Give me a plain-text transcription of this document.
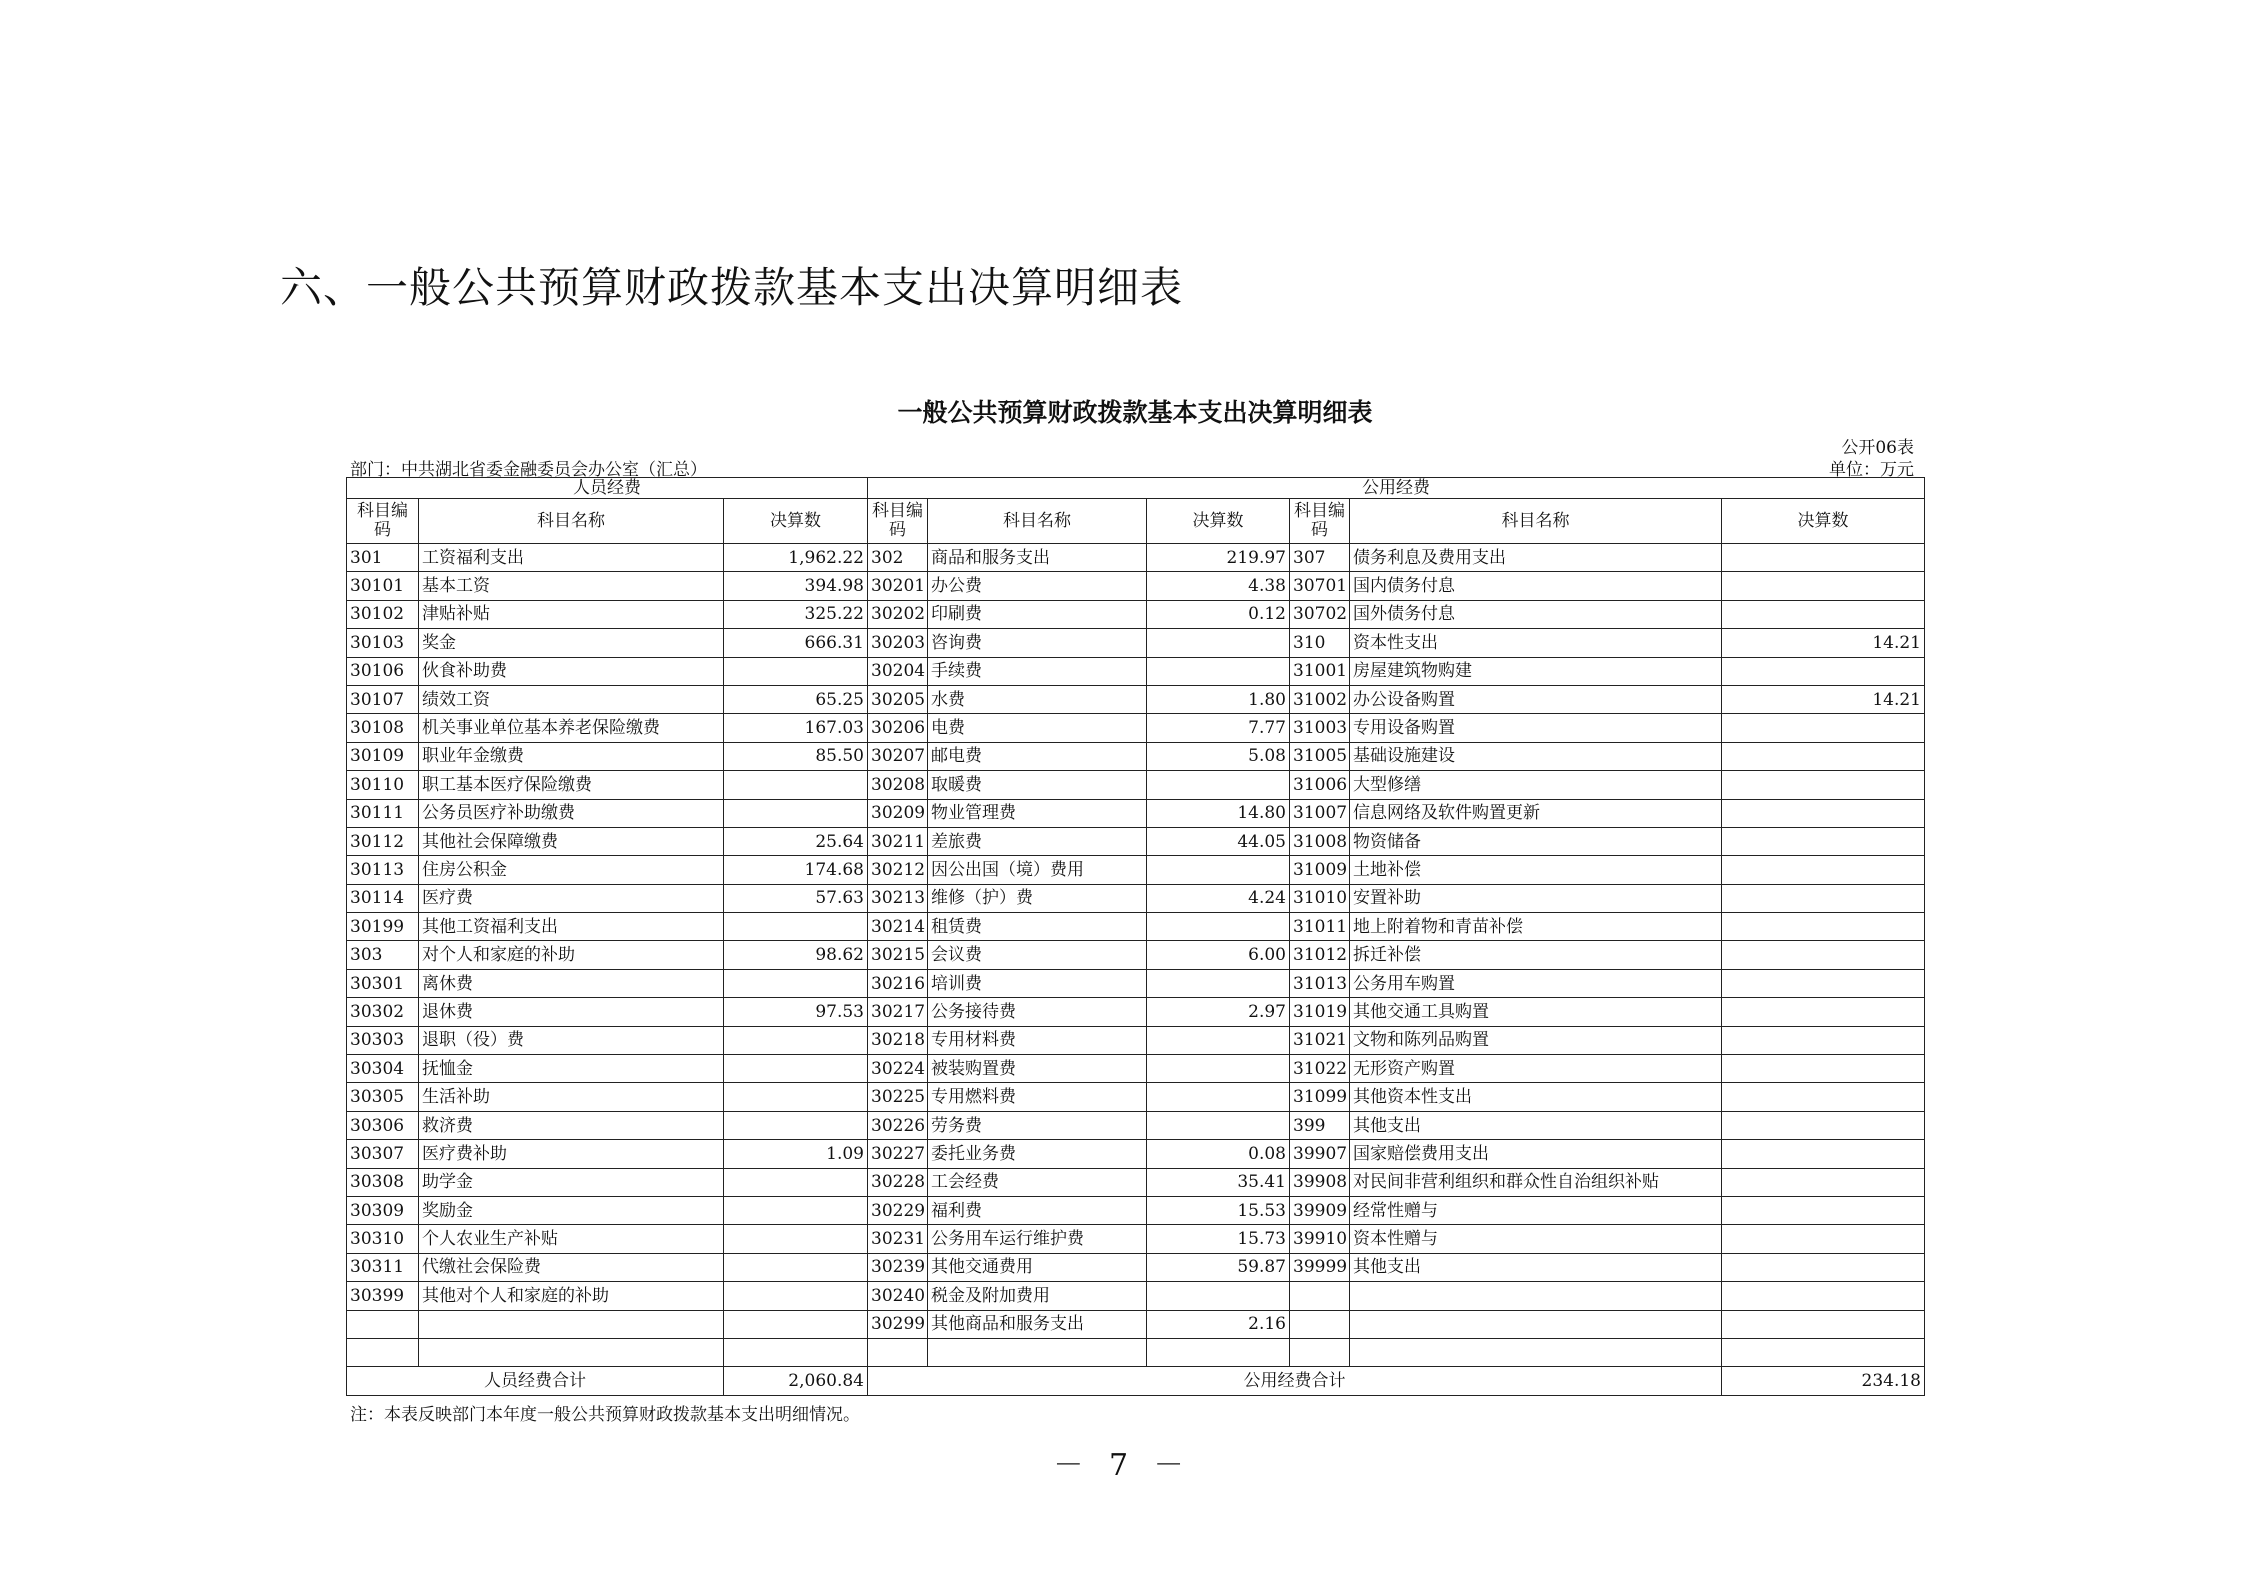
六、一般公共预算财政拨款基本支出决算明细表
一般公共预算财政拨款基本支出决算明细表
公开06表
部门：中共湖北省委金融委员会办公室（汇总）	单位：万元
人员经费			公用经费					
科目编码	科目名称	决算数	科目编码	科目名称	决算数	科目编码	科目名称	决算数
301	工资福利支出	1,962.22	302	商品和服务支出	219.97	307	债务利息及费用支出	
30101	基本工资	394.98	30201	办公费	4.38	30701	国内债务付息	
30102	津贴补贴	325.22	30202	印刷费	0.12	30702	国外债务付息	
30103	奖金	666.31	30203	咨询费		310	资本性支出	14.21
30106	伙食补助费		30204	手续费		31001	房屋建筑物购建	
30107	绩效工资	65.25	30205	水费	1.80	31002	办公设备购置	14.21
30108	机关事业单位基本养老保险缴费	167.03	30206	电费	7.77	31003	专用设备购置	
30109	职业年金缴费	85.50	30207	邮电费	5.08	31005	基础设施建设	
30110	职工基本医疗保险缴费		30208	取暖费		31006	大型修缮	
30111	公务员医疗补助缴费		30209	物业管理费	14.80	31007	信息网络及软件购置更新	
30112	其他社会保障缴费	25.64	30211	差旅费	44.05	31008	物资储备	
30113	住房公积金	174.68	30212	因公出国（境）费用		31009	土地补偿	
30114	医疗费	57.63	30213	维修（护）费	4.24	31010	安置补助	
30199	其他工资福利支出		30214	租赁费		31011	地上附着物和青苗补偿	
303	对个人和家庭的补助	98.62	30215	会议费	6.00	31012	拆迁补偿	
30301	离休费		30216	培训费		31013	公务用车购置	
30302	退休费	97.53	30217	公务接待费	2.97	31019	其他交通工具购置	
30303	退职（役）费		30218	专用材料费		31021	文物和陈列品购置	
30304	抚恤金		30224	被装购置费		31022	无形资产购置	
30305	生活补助		30225	专用燃料费		31099	其他资本性支出	
30306	救济费		30226	劳务费		399	其他支出	
30307	医疗费补助	1.09	30227	委托业务费	0.08	39907	国家赔偿费用支出	
30308	助学金		30228	工会经费	35.41	39908	对民间非营利组织和群众性自治组织补贴	
30309	奖励金		30229	福利费	15.53	39909	经常性赠与	
30310	个人农业生产补贴		30231	公务用车运行维护费	15.73	39910	资本性赠与	
30311	代缴社会保险费		30239	其他交通费用	59.87	39999	其他支出	
30399	其他对个人和家庭的补助		30240	税金及附加费用				
			30299	其他商品和服务支出	2.16			

人员经费合计		2,060.84	公用经费合计					234.18
注：本表反映部门本年度一般公共预算财政拨款基本支出明细情况。
－ 7 －
